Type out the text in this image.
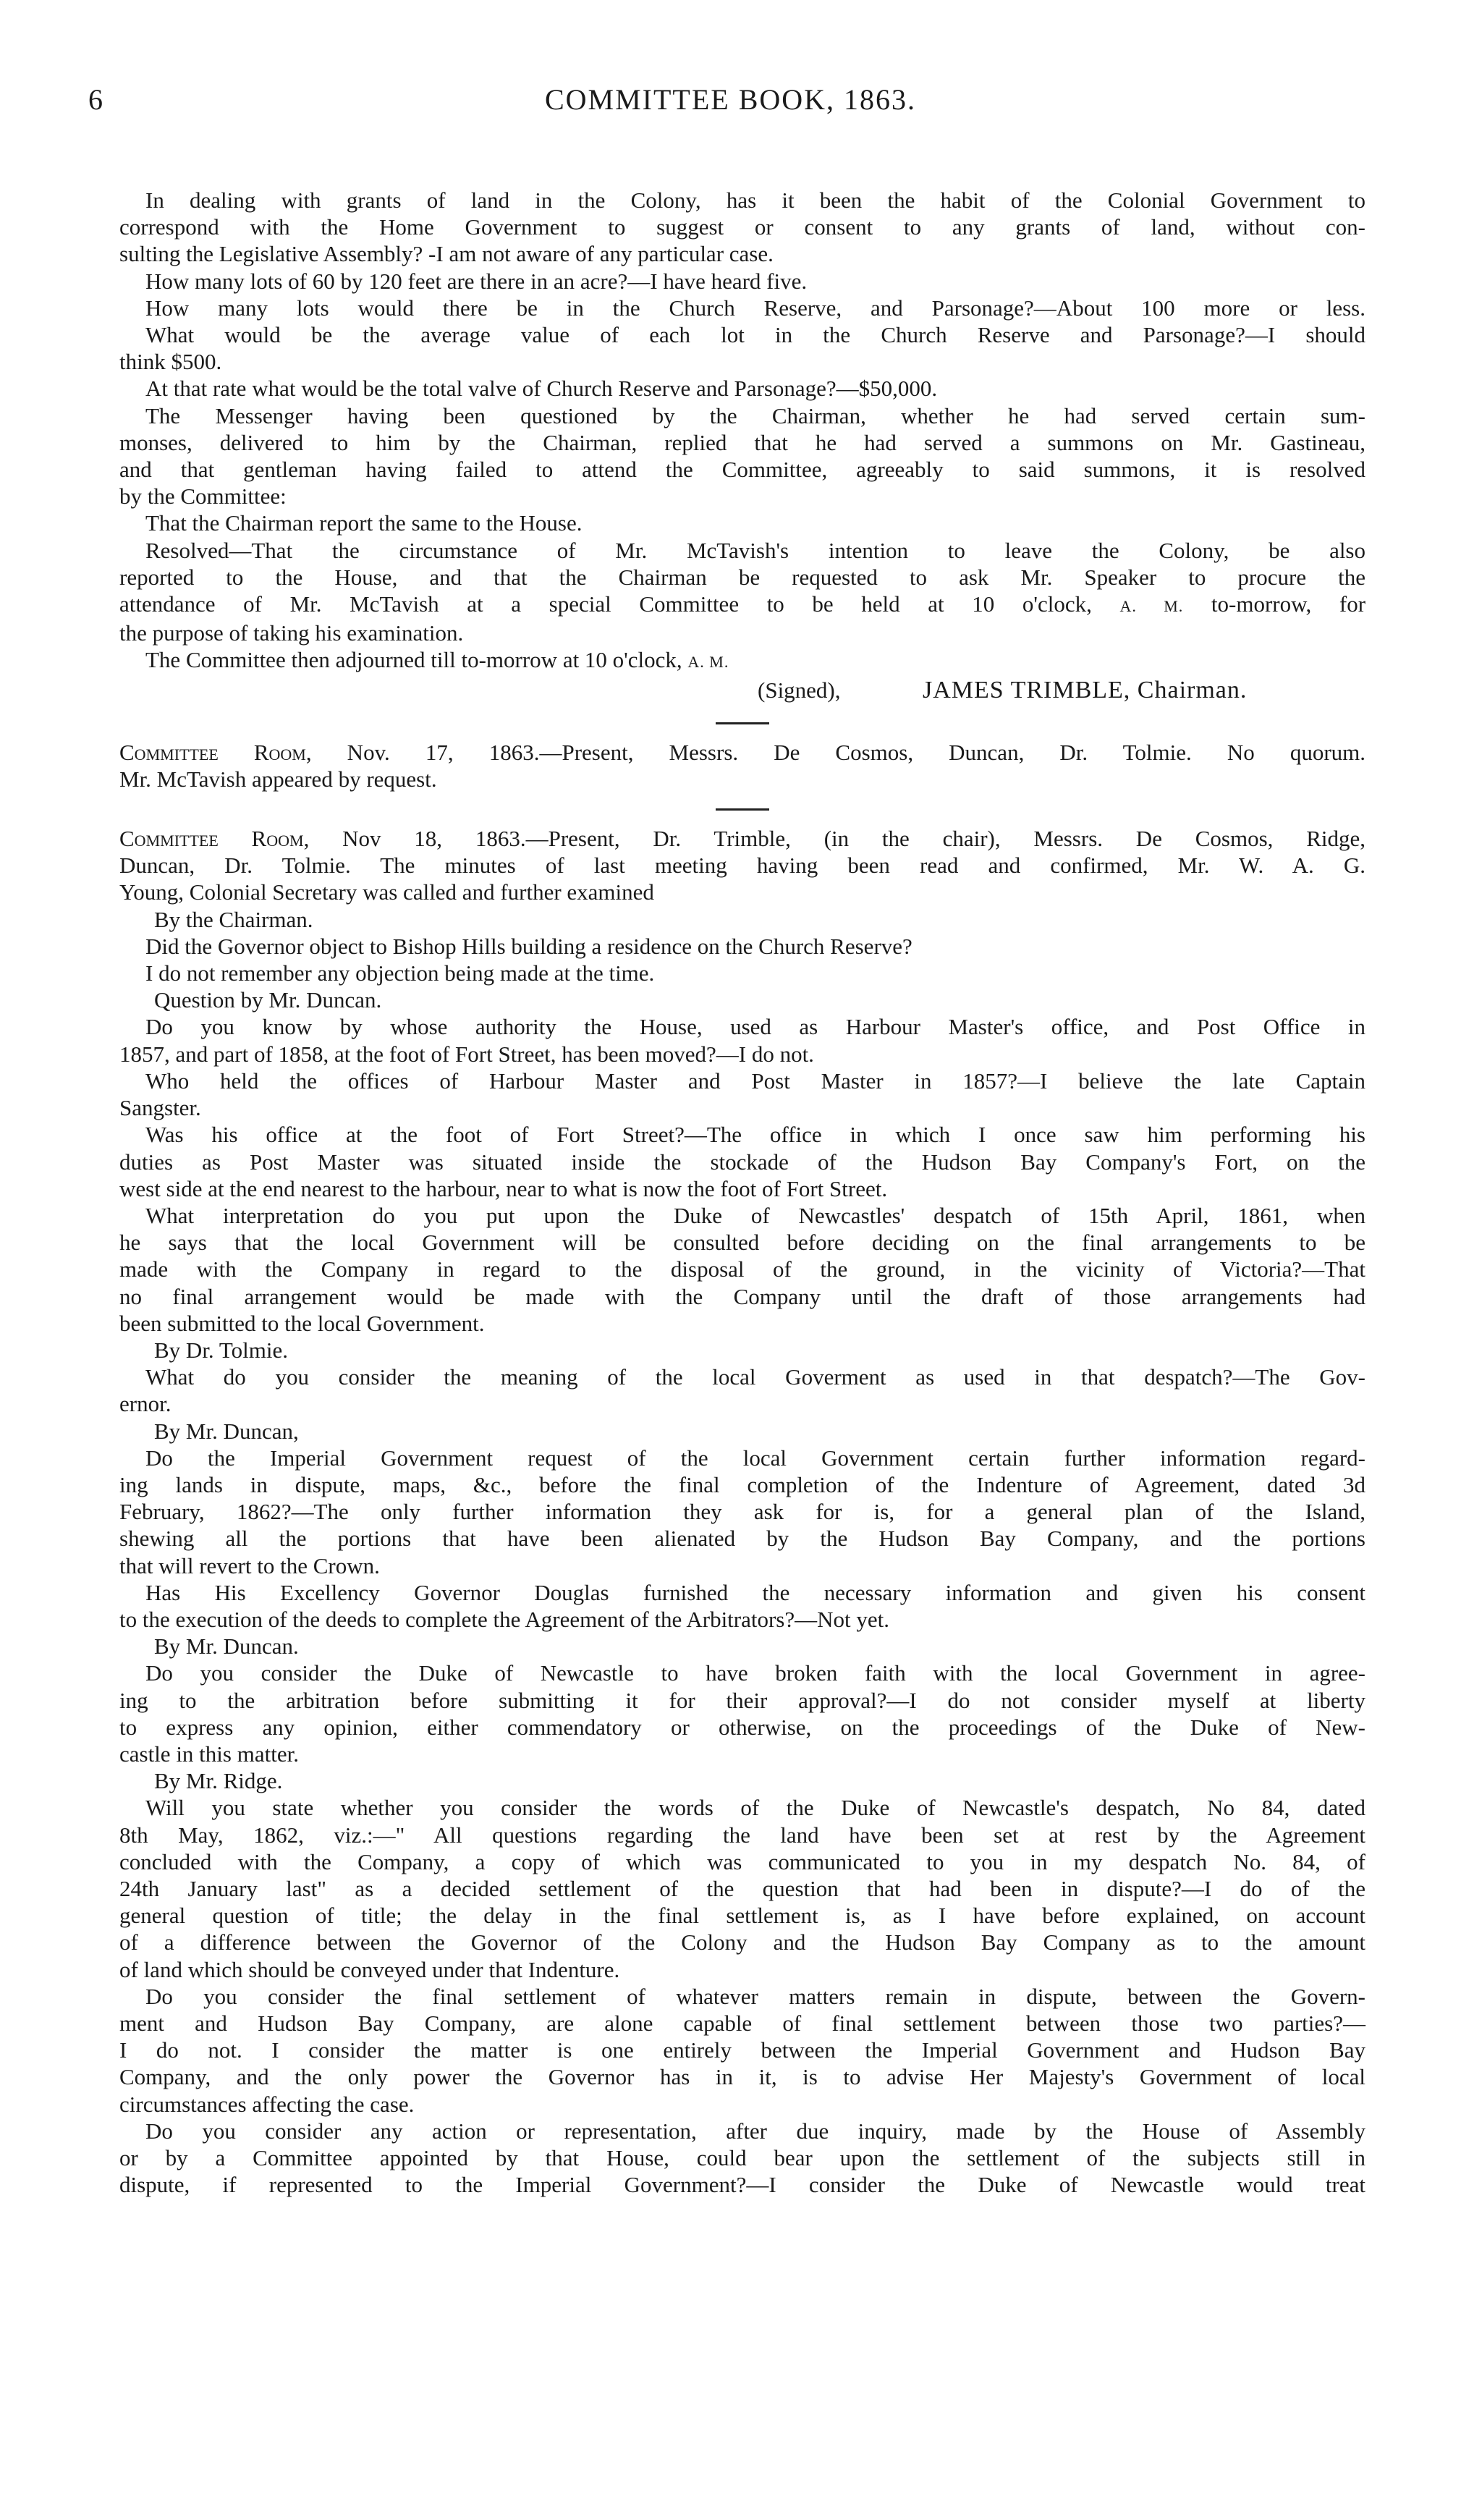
6	COMMITTEE BOOK, 1863.
In dealing with grants of land in the Colony, has it been the habit of the Colonial Government to
correspond with the Home Government to suggest or consent to any grants of land, without con-
sulting the Legislative Assembly? -I am not aware of any particular case.
How many lots of 60 by 120 feet are there in an acre?—I have heard five.
How many lots would there be in the Church Reserve, and Parsonage?—About 100 more or less.
What would be the average value of each lot in the Church Reserve and Parsonage?—I should
think $500.
At that rate what would be the total valve of Church Reserve and Parsonage?—$50,000.
The Messenger having been questioned by the Chairman, whether he had served certain sum-
monses, delivered to him by the Chairman, replied that he had served a summons on Mr. Gastineau,
and that gentleman having failed to attend the Committee, agreeably to said summons, it is resolved
by the Committee:
That the Chairman report the same to the House.
Resolved—That the circumstance of Mr. McTavish's intention to leave the Colony, be also
reported to the House, and that the Chairman be requested to ask Mr. Speaker to procure the
attendance of Mr. McTavish at a special Committee to be held at 10 o'clock, A. M. to-morrow, for
the purpose of taking his examination.
The Committee then adjourned till to-morrow at 10 o'clock, A. M.
(Signed),	JAMES TRIMBLE, Chairman.
Committee Room, Nov. 17, 1863.—Present, Messrs. De Cosmos, Duncan, Dr. Tolmie. No quorum.
Mr. McTavish appeared by request.
Committee Room, Nov 18, 1863.—Present, Dr. Trimble, (in the chair), Messrs. De Cosmos, Ridge,
Duncan, Dr. Tolmie. The minutes of last meeting having been read and confirmed, Mr. W. A. G.
Young, Colonial Secretary was called and further examined
By the Chairman.
Did the Governor object to Bishop Hills building a residence on the Church Reserve?
I do not remember any objection being made at the time.
Question by Mr. Duncan.
Do you know by whose authority the House, used as Harbour Master's office, and Post Office in
1857, and part of 1858, at the foot of Fort Street, has been moved?—I do not.
Who held the offices of Harbour Master and Post Master in 1857?—I believe the late Captain
Sangster.
Was his office at the foot of Fort Street?—The office in which I once saw him performing his
duties as Post Master was situated inside the stockade of the Hudson Bay Company's Fort, on the
west side at the end nearest to the harbour, near to what is now the foot of Fort Street.
What interpretation do you put upon the Duke of Newcastles' despatch of 15th April, 1861, when
he says that the local Government will be consulted before deciding on the final arrangements to be
made with the Company in regard to the disposal of the ground, in the vicinity of Victoria?—That
no final arrangement would be made with the Company until the draft of those arrangements had
been submitted to the local Government.
By Dr. Tolmie.
What do you consider the meaning of the local Goverment as used in that despatch?—The Gov-
ernor.
By Mr. Duncan,
Do the Imperial Government request of the local Government certain further information regard-
ing lands in dispute, maps, &c., before the final completion of the Indenture of Agreement, dated 3d
February, 1862?—The only further information they ask for is, for a general plan of the Island,
shewing all the portions that have been alienated by the Hudson Bay Company, and the portions
that will revert to the Crown.
Has His Excellency Governor Douglas furnished the necessary information and given his consent
to the execution of the deeds to complete the Agreement of the Arbitrators?—Not yet.
By Mr. Duncan.
Do you consider the Duke of Newcastle to have broken faith with the local Government in agree-
ing to the arbitration before submitting it for their approval?—I do not consider myself at liberty
to express any opinion, either commendatory or otherwise, on the proceedings of the Duke of New-
castle in this matter.
By Mr. Ridge.
Will you state whether you consider the words of the Duke of Newcastle's despatch, No 84, dated
8th May, 1862, viz.:—" All questions regarding the land have been set at rest by the Agreement
concluded with the Company, a copy of which was communicated to you in my despatch No. 84, of
24th January last" as a decided settlement of the question that had been in dispute?—I do of the
general question of title; the delay in the final settlement is, as I have before explained, on account
of a difference between the Governor of the Colony and the Hudson Bay Company as to the amount
of land which should be conveyed under that Indenture.
Do you consider the final settlement of whatever matters remain in dispute, between the Govern-
ment and Hudson Bay Company, are alone capable of final settlement between those two parties?—
I do not. I consider the matter is one entirely between the Imperial Government and Hudson Bay
Company, and the only power the Governor has in it, is to advise Her Majesty's Government of local
circumstances affecting the case.
Do you consider any action or representation, after due inquiry, made by the House of Assembly
or by a Committee appointed by that House, could bear upon the settlement of the subjects still in
dispute, if represented to the Imperial Government?—I consider the Duke of Newcastle would treat
